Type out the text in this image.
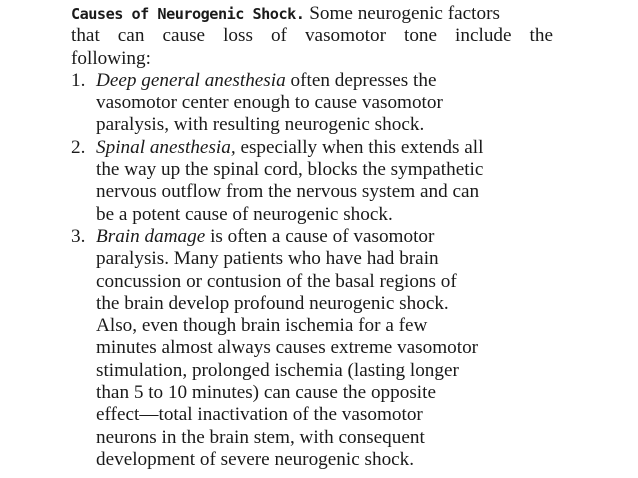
Causes of Neurogenic Shock. Some neurogenic factors
that can cause loss of vasomotor tone include the
following:
1. Deep general anesthesia often depresses the
vasomotor center enough to cause vasomotor
paralysis, with resulting neurogenic shock.
2. Spinal anesthesia, especially when this extends all
the way up the spinal cord, blocks the sympathetic
nervous outflow from the nervous system and can
be a potent cause of neurogenic shock.
3. Brain damage is often a cause of vasomotor
paralysis. Many patients who have had brain
concussion or contusion of the basal regions of
the brain develop profound neurogenic shock.
Also, even though brain ischemia for a few
minutes almost always causes extreme vasomotor
stimulation, prolonged ischemia (lasting longer
than 5 to 10 minutes) can cause the opposite
effect—total inactivation of the vasomotor
neurons in the brain stem, with consequent
development of severe neurogenic shock.
